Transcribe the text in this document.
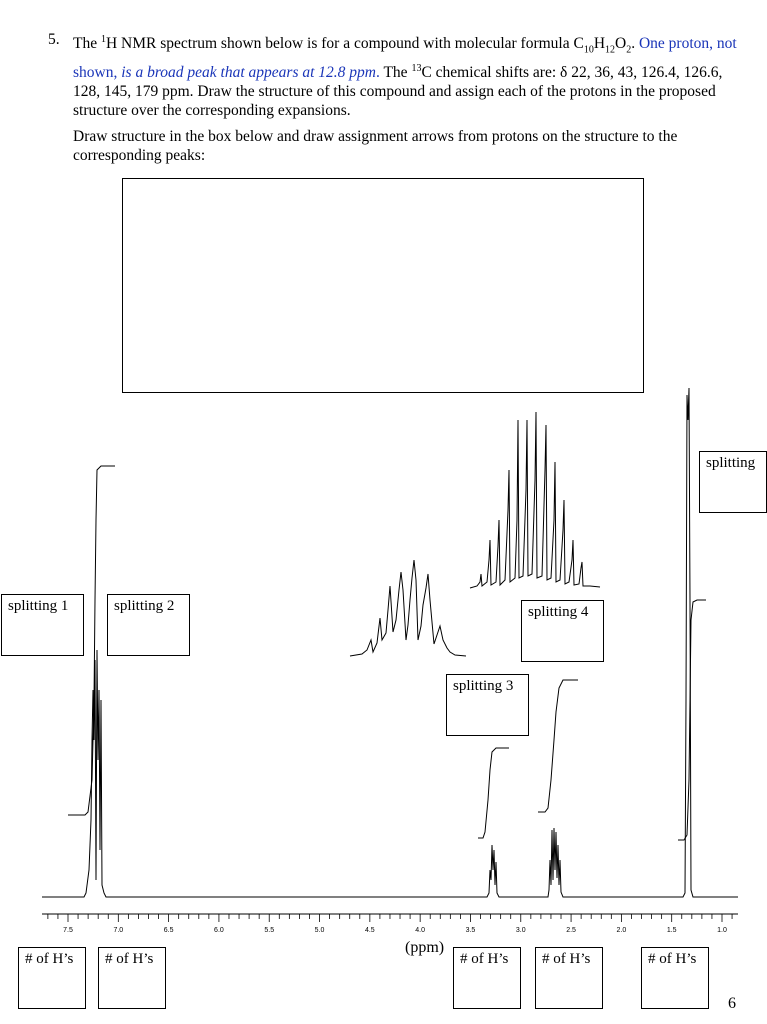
5. The $^1$H NMR spectrum shown below is for a compound with molecular formula $C_{10}H_{12}O_2$. One proton, not shown, is a broad peak that appears at 12.8 ppm. The $^{13}$C chemical shifts are: δ 22, 36, 43, 126.4, 126.6, 128, 145, 179 ppm. Draw the structure of this compound and assign each of the protons in the proposed structure over the corresponding expansions.
Draw structure in the box below and draw assignment arrows from protons on the structure to the corresponding peaks:
7.5	7.0	6.5	6.0	5.5	5.0	4.5	4.0	3.5	3.0	2.5	2.0	1.5	1.0
splitting 1	splitting 2
splitting 3
splitting 4
splitting
# of H’s	# of H’s	# of H’s	# of H’s	# of H’s
(ppm)
6
